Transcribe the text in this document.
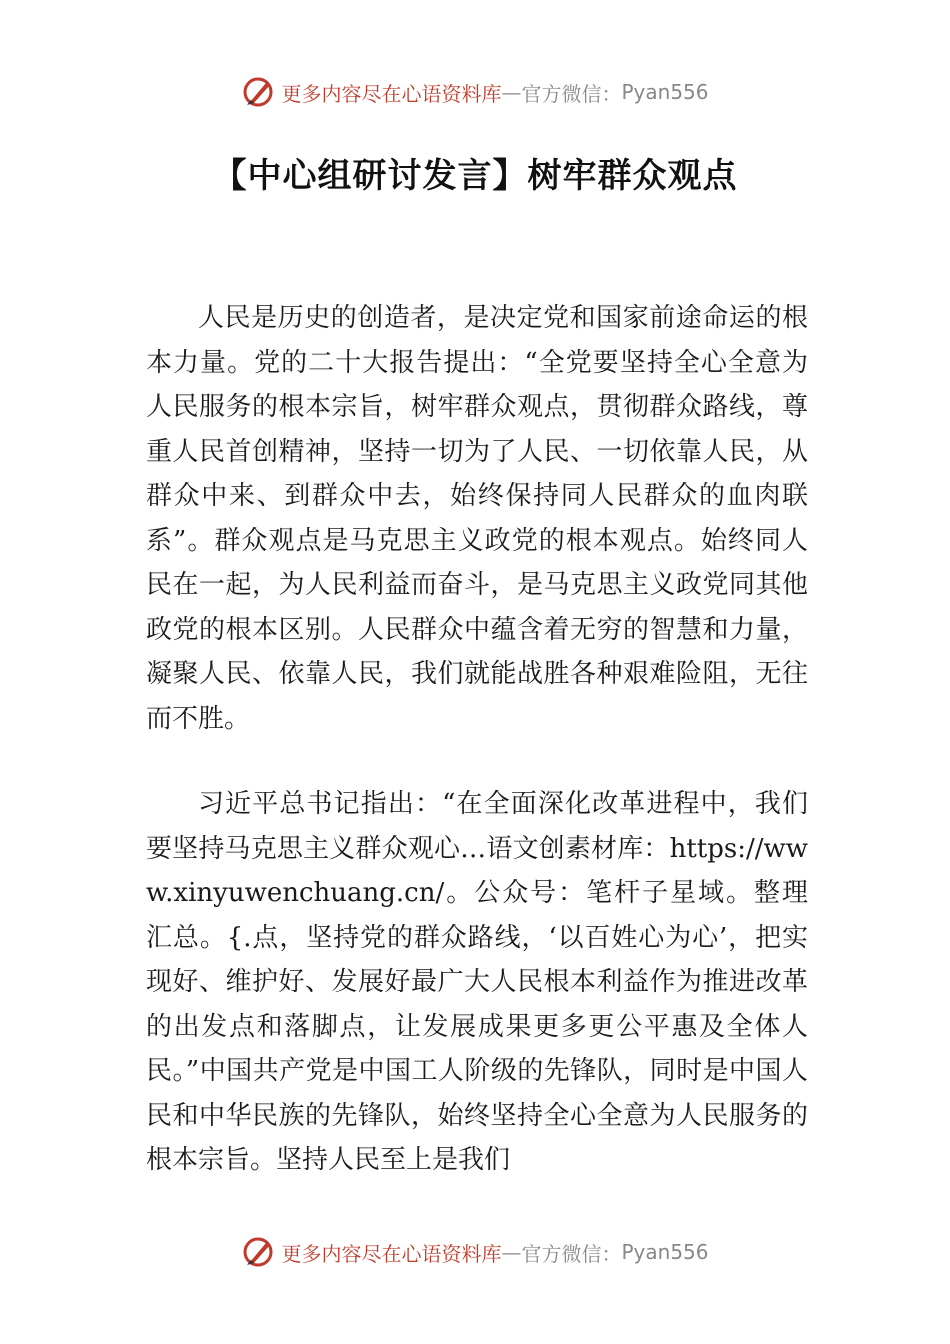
更多内容尽在心语资料库 — 官方微信： Pyan556
【中心组研讨发言】树牢群众观点

人民是历史的创造者，是决定党和国家前途命运的根本力量。党的二十大报告提出：“全党要坚持全心全意为人民服务的根本宗旨，树牢群众观点，贯彻群众路线，尊重人民首创精神，坚持一切为了人民、一切依靠人民，从群众中来、到群众中去，始终保持同人民群众的血肉联系”。群众观点是马克思主义政党的根本观点。始终同人民在一起，为人民利益而奋斗，是马克思主义政党同其他政党的根本区别。人民群众中蕴含着无穷的智慧和力量，凝聚人民、依靠人民，我们就能战胜各种艰难险阻，无往而不胜。

习近平总书记指出：“在全面深化改革进程中，我们要坚持马克思主义群众观心…语文创素材库：https://www.xinyuwenchuang.cn/。公众号：笔杆子星域。整理汇总。{.点，坚持党的群众路线，‘以百姓心为心’，把实现好、维护好、发展好最广大人民根本利益作为推进改革的出发点和落脚点，让发展成果更多更公平惠及全体人民。”中国共产党是中国工人阶级的先锋队，同时是中国人民和中华民族的先锋队，始终坚持全心全意为人民服务的根本宗旨。坚持人民至上是我们

更多内容尽在心语资料库 — 官方微信： Pyan556
